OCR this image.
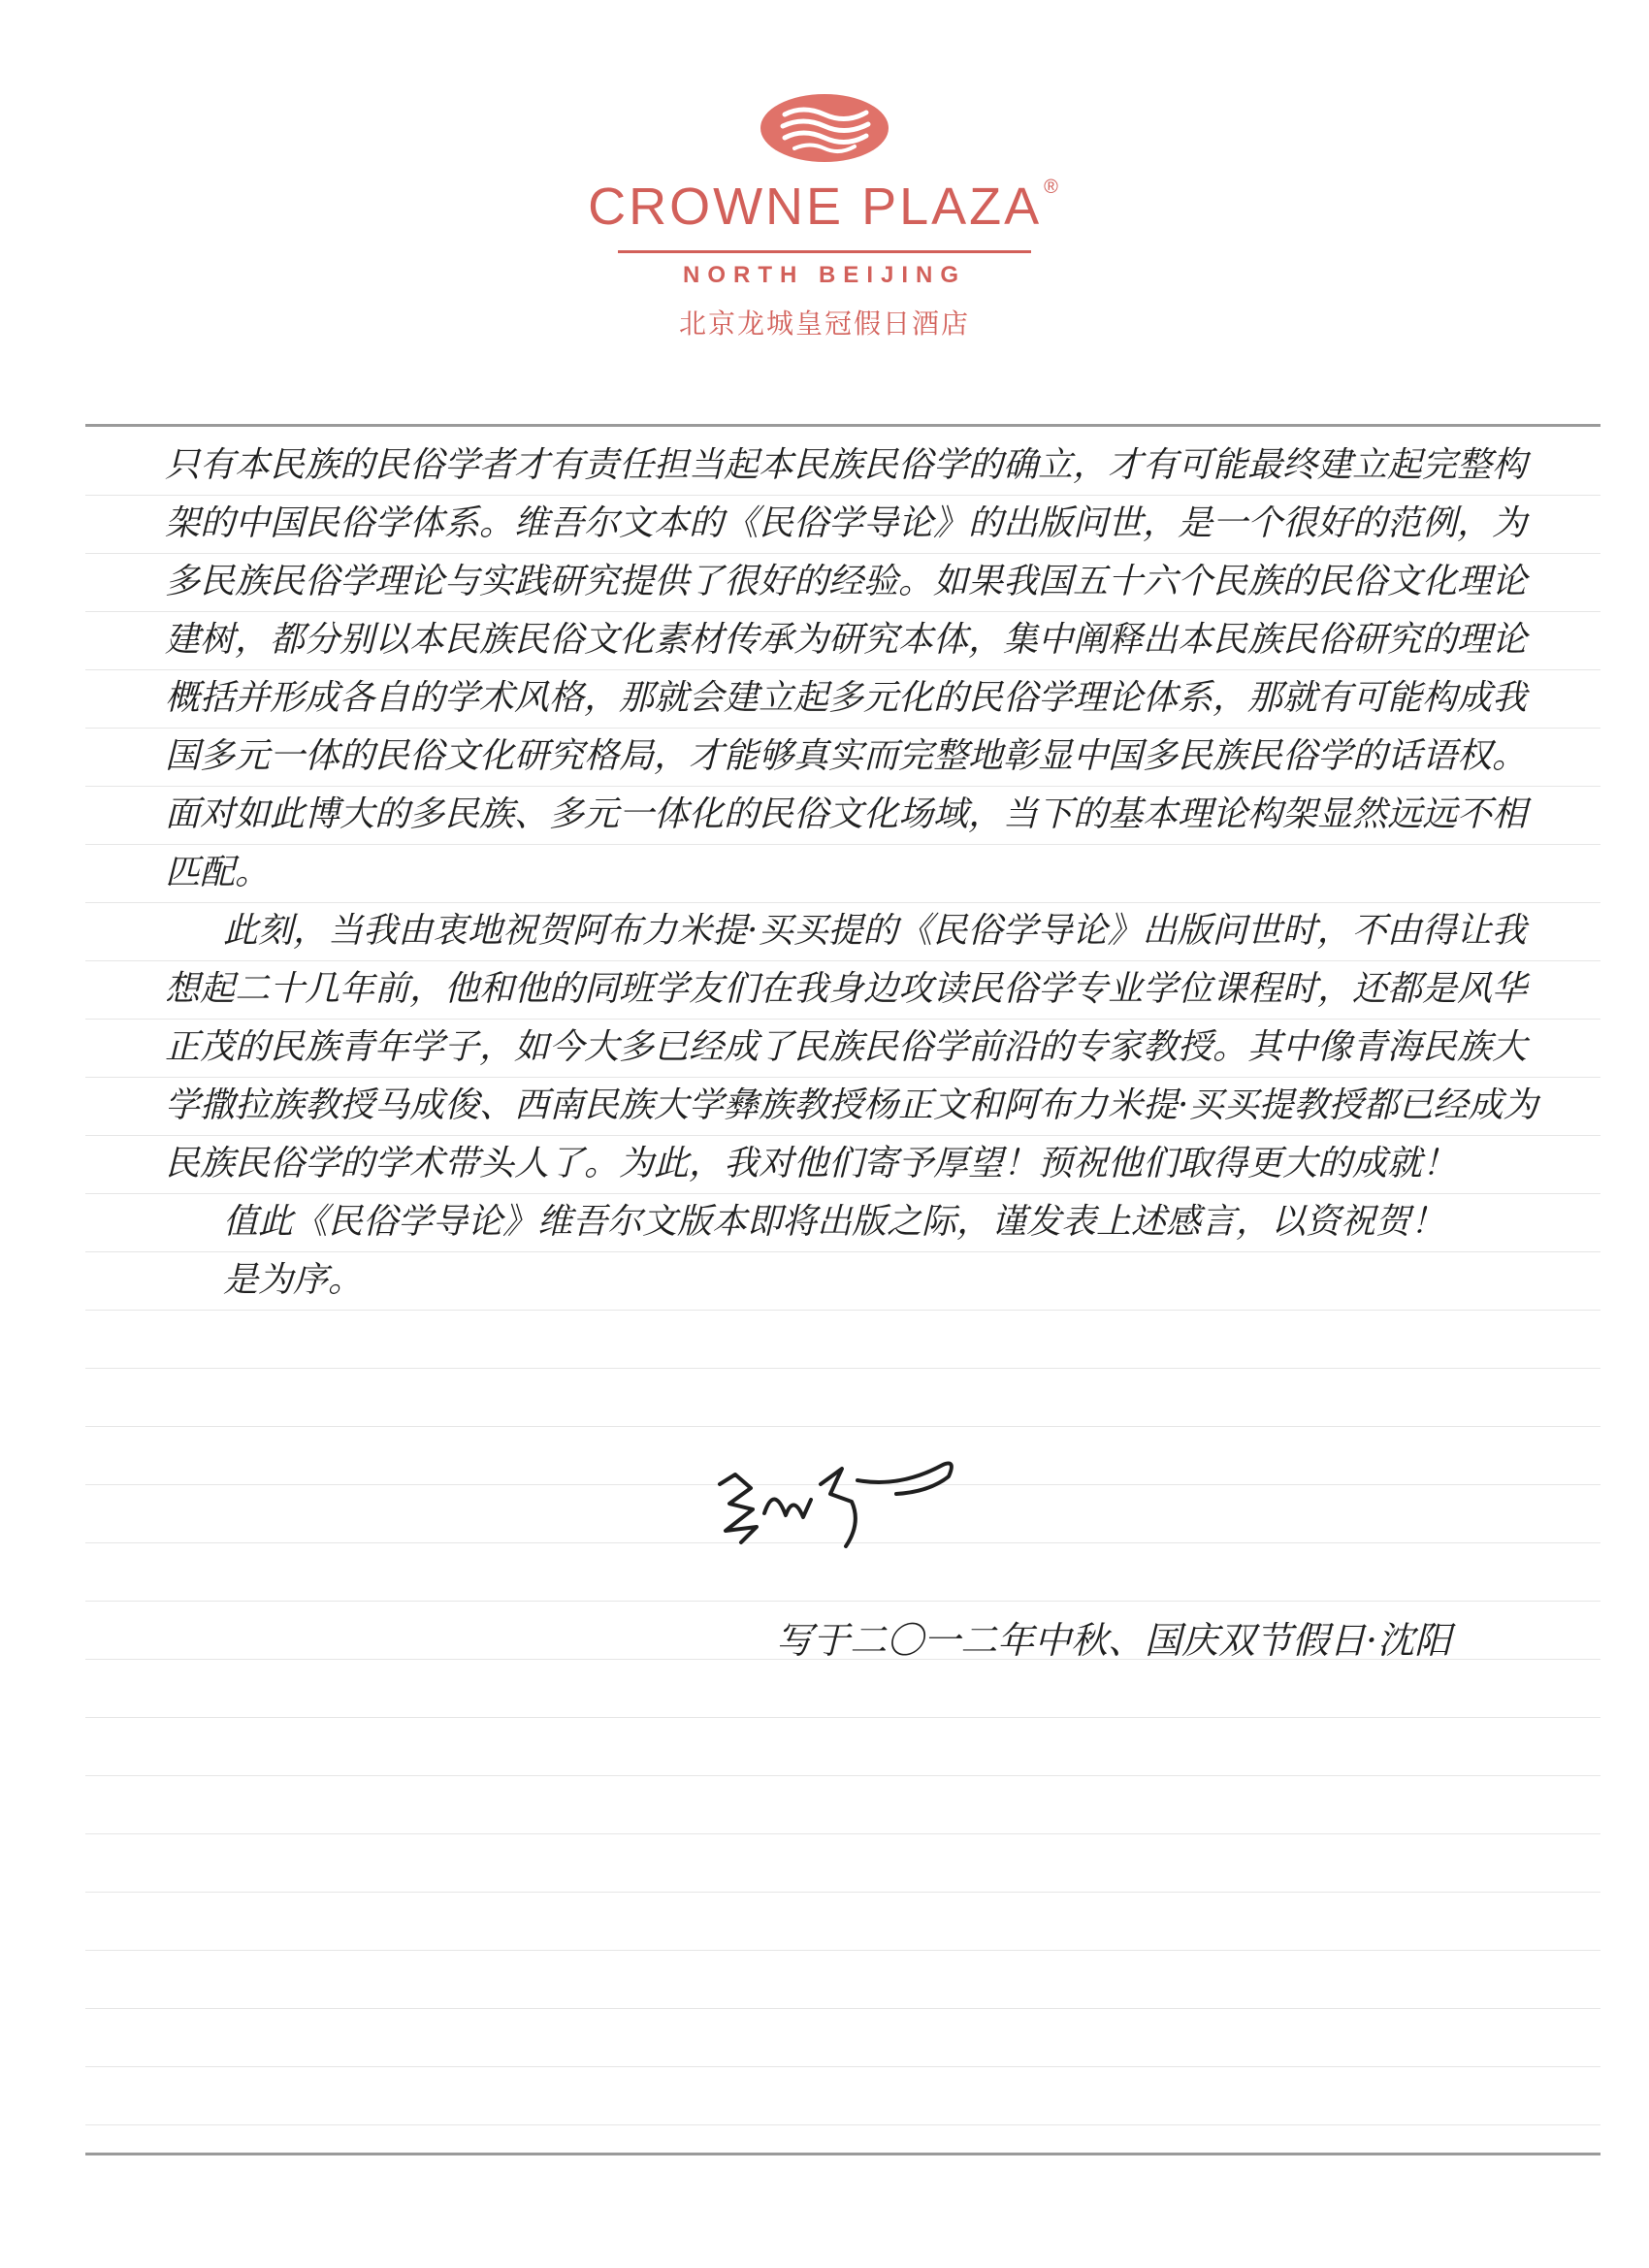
CROWNE PLAZA ®
NORTH BEIJING
北京龙城皇冠假日酒店

只有本民族的民俗学者才有责任担当起本民族民俗学的确立，才有可能最终建立起完整构架的中国民俗学体系。维吾尔文本的《民俗学导论》的出版问世，是一个很好的范例，为多民族民俗学理论与实践研究提供了很好的经验。如果我国五十六个民族的民俗文化理论建树，都分别以本民族民俗文化素材传承为研究本体，集中阐释出本民族民俗研究的理论概括并形成各自的学术风格，那就会建立起多元化的民俗学理论体系，那就有可能构成我国多元一体的民俗文化研究格局，才能够真实而完整地彰显中国多民族民俗学的话语权。面对如此博大的多民族、多元一体化的民俗文化场域，当下的基本理论构架显然远远不相匹配。

此刻，当我由衷地祝贺阿布力米提·买买提的《民俗学导论》出版问世时，不由得让我想起二十几年前，他和他的同班学友们在我身边攻读民俗学专业学位课程时，还都是风华正茂的民族青年学子，如今大多已经成了民族民俗学前沿的专家教授。其中像青海民族大学撒拉族教授马成俊、西南民族大学彝族教授杨正文和阿布力米提·买买提教授都已经成为民族民俗学的学术带头人了。为此，我对他们寄予厚望！预祝他们取得更大的成就！

值此《民俗学导论》维吾尔文版本即将出版之际，谨发表上述感言，以资祝贺！

是为序。

写于二〇一二年中秋、国庆双节假日·沈阳
